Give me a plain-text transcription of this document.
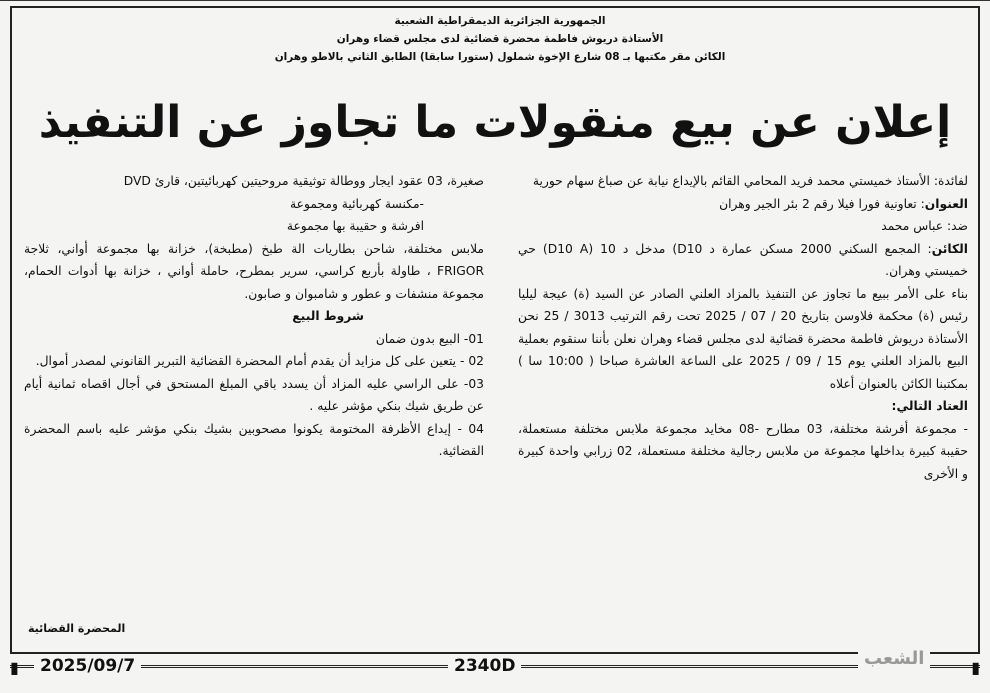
الجمهورية الجزائرية الديمقراطية الشعبية
الأستاذة دريوش فاطمة محضرة قضائية لدى مجلس قضاء وهران
الكائن مقر مكتبها بـ 08 شارع الإخوة شملول (ستورا سابقا) الطابق الثاني بالاطو وهران
إعلان عن بيع منقولات ما تجاوز عن التنفيذ

لفائدة: الأستاذ خميستي محمد فريد المحامي القائم بالإيداع نيابة عن صباغ سهام حورية

العنوان: تعاونية فورا فيلا رقم 2 بئر الجير وهران

ضد: عباس محمد

الكائن: المجمع السكني 2000 مسكن عمارة د D10) مدخل د 10 (D10 A) حي خميستي وهران.

بناء على الأمر ببيع ما تجاوز عن التنفيذ بالمزاد العلني الصادر عن السيد (ة) عيجة ليليا رئيس (ة) محكمة فلاوسن بتاريخ 20 / 07 / 2025 تحت رقم الترتيب 3013 / 25 نحن الأستاذة دريوش فاطمة محضرة قضائية لدى مجلس قضاء وهران نعلن بأننا سنقوم بعملية البيع بالمزاد العلني يوم 15 / 09 / 2025 على الساعة العاشرة صباحا ( 10:00 سا ) بمكتبنا الكائن بالعنوان أعلاه

العتاد التالي:

- مجموعة أفرشة مختلفة، 03 مطارح -08 مخايد مجموعة ملابس مختلفة مستعملة، حقيبة كبيرة بداخلها مجموعة من ملابس رجالية مختلفة مستعملة، 02 زرابي واحدة كبيرة و الأخرى

صغيرة، 03 عقود ايجار ووطالة توثيقية مروحيتين كهربائيتين، قارئ DVD

-مكنسة كهربائية ومجموعة

افرشة و حقيبة بها مجموعة

ملابس مختلفة، شاحن بطاريات الة طبخ (مطبخة)، خزانة بها مجموعة أواني، ثلاجة FRIGOR ، طاولة بأربع كراسي، سرير بمطرح، حاملة أواني ، خزانة بها أدوات الحمام، مجموعة منشفات و عطور و شامبوان و صابون.

شروط البيع

01- البيع بدون ضمان

02 - يتعين على كل مزايد أن يقدم أمام المحضرة القضائية التبرير القانوني لمصدر أموال.

03- على الراسي عليه المزاد أن يسدد باقي المبلغ المستحق في أجال اقصاه ثمانية أيام عن طريق شيك بنكي مؤشر عليه .

04 - إيداع الأظرفة المختومة يكونوا مصحوبين بشيك بنكي مؤشر عليه باسم المحضرة القضائية.

المحضرة القضائية
▮	2025/09/7	2340D	الشعب	▮
